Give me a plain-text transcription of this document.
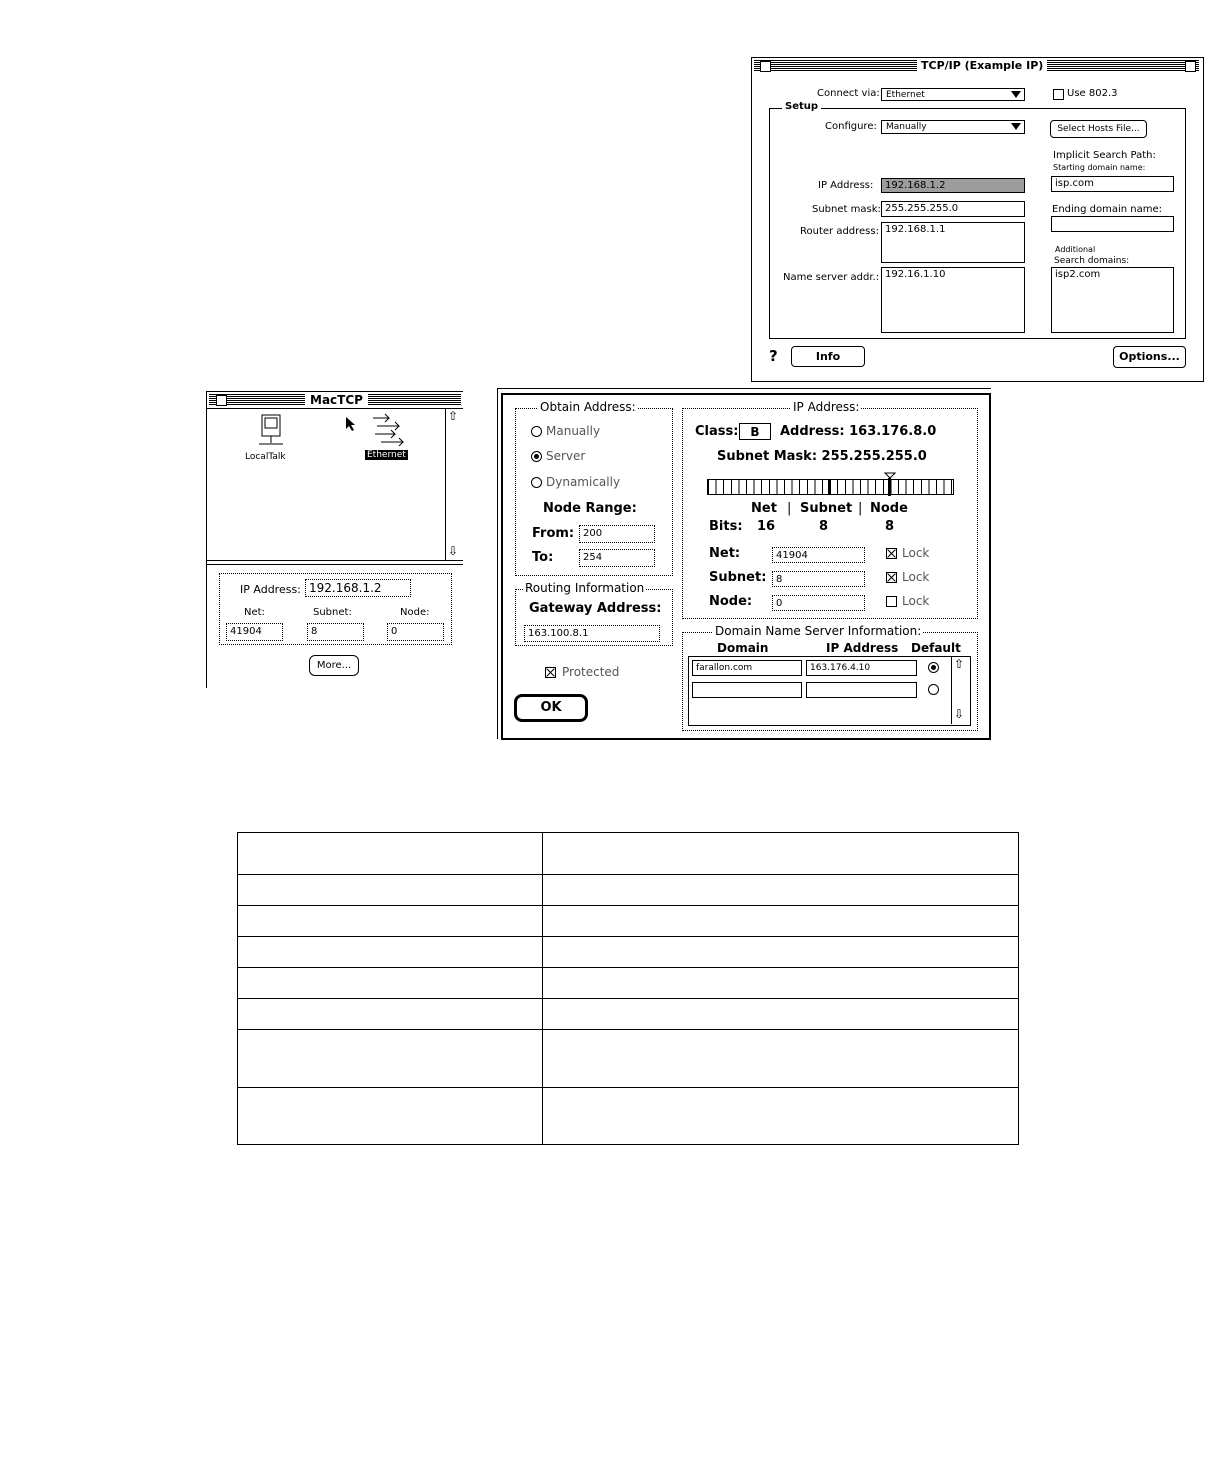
TCP/IP (Example IP)
Connect via: Ethernet	Use 802.3
Setup
Configure:	Manually	Select Hosts File...
Implicit Search Path:
Starting domain name:
isp.com
IP Address:	192.168.1.2
Subnet mask: 255.255.255.0	Ending domain name:
Router address: 192.168.1.1
Additional
Search domains:
Name server addr.: 192.16.1.10	isp2.com
?	Info	Options...
MacTCP
LocalTalk	Ethernet
⇧
⇩
IP Address: 192.168.1.2
Net:	Subnet:	Node:
41904	8	0
More...
Obtain Address:
Manually
Server
Dynamically
Node Range:
From: 200
To:	254
Routing Information
Gateway Address:
163.100.8.1
Protected
OK
IP Address:
Class: B	Address: 163.176.8.0
Subnet Mask: 255.255.255.0
Net | Subnet | Node
Bits: 16	8	8
Net:	41904	Lock
Subnet: 8	Lock
Node:	0	Lock
Domain Name Server Information:
Domain	IP Address Default
farallon.com	163.176.4.10	⇧
⇩
